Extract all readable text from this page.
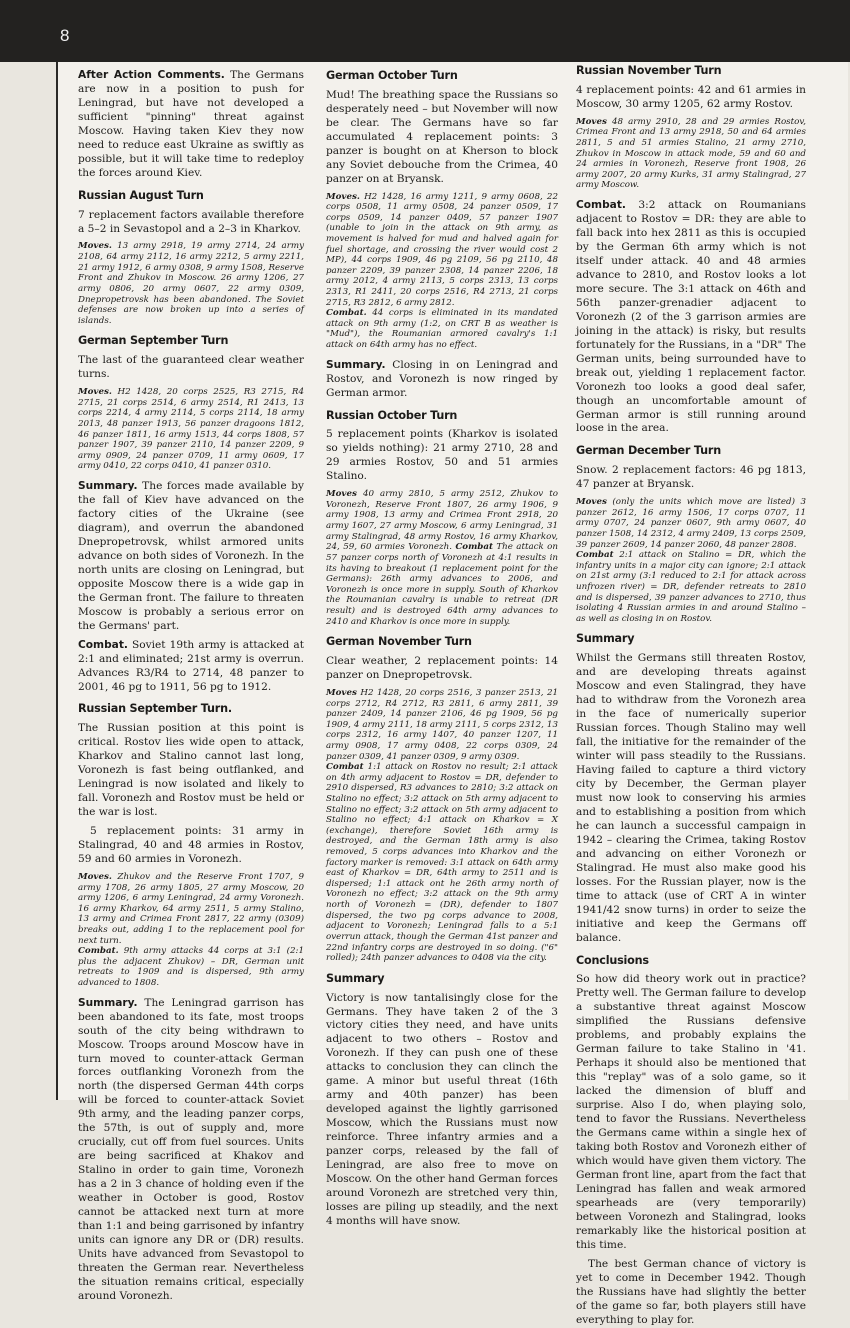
8

After Action Comments. The Germans are now in a position to push for Leningrad, but have not developed a sufficient "pinning" threat against Moscow. Having taken Kiev they now need to reduce east Ukraine as swiftly as possible, but it will take time to redeploy the forces around Kiev.

Russian August Turn

7 replacement factors available therefore a 5–2 in Sevastopol and a 2–3 in Kharkov.

Moves. 13 army 2918, 19 army 2714, 24 army 2108, 64 army 2112, 16 army 2212, 5 army 2211, 21 army 1912, 6 army 0308, 9 army 1508, Reserve Front and Zhukov in Moscow. 26 army 1206, 27 army 0806, 20 army 0607, 22 army 0309, Dnepropetrovsk has been abandoned. The Soviet defenses are now broken up into a series of islands.

German September Turn

The last of the guaranteed clear weather turns.

Moves. H2 1428, 20 corps 2525, R3 2715, R4 2715, 21 corps 2514, 6 army 2514, R1 2413, 13 corps 2214, 4 army 2114, 5 corps 2114, 18 army 2013, 48 panzer 1913, 56 panzer dragoons 1812, 46 panzer 1811, 16 army 1513, 44 corps 1808, 57 panzer 1907, 39 panzer 2110, 14 panzer 2209, 9 army 0909, 24 panzer 0709, 11 army 0609, 17 army 0410, 22 corps 0410, 41 panzer 0310.

Summary. The forces made available by the fall of Kiev have advanced on the factory cities of the Ukraine (see diagram), and overrun the abandoned Dnepropetrovsk, whilst armored units advance on both sides of Voronezh. In the north units are closing on Leningrad, but opposite Moscow there is a wide gap in the German front. The failure to threaten Moscow is probably a serious error on the Germans' part.

Combat. Soviet 19th army is attacked at 2:1 and eliminated; 21st army is overrun. Advances R3/R4 to 2714, 48 panzer to 2001, 46 pg to 1911, 56 pg to 1912.

Russian September Turn.

The Russian position at this point is critical. Rostov lies wide open to attack, Kharkov and Stalino cannot last long, Voronezh is fast being outflanked, and Leningrad is now isolated and likely to fall. Voronezh and Rostov must be held or the war is lost.

5 replacement points: 31 army in Stalingrad, 40 and 48 armies in Rostov, 59 and 60 armies in Voronezh.

Moves. Zhukov and the Reserve Front 1707, 9 army 1708, 26 army 1805, 27 army Moscow, 20 army 1206, 6 army Leningrad, 24 army Voronezh. 16 army Kharkov, 64 army 2511, 5 army Stalino, 13 army and Crimea Front 2817, 22 army (0309) breaks out, adding 1 to the replacement pool for next turn.
Combat. 9th army attacks 44 corps at 3:1 (2:1 plus the adjacent Zhukov) – DR, German unit retreats to 1909 and is dispersed, 9th army advanced to 1808.

Summary. The Leningrad garrison has been abandoned to its fate, most troops south of the city being withdrawn to Moscow. Troops around Moscow have in turn moved to counter-attack German forces outflanking Voronezh from the north (the dispersed German 44th corps will be forced to counter-attack Soviet 9th army, and the leading panzer corps, the 57th, is out of supply and, more crucially, cut off from fuel sources. Units are being sacrificed at Khakov and Stalino in order to gain time, Voronezh has a 2 in 3 chance of holding even if the weather in October is good, Rostov cannot be attacked next turn at more than 1:1 and being garrisoned by infantry units can ignore any DR or (DR) results. Units have advanced from Sevastopol to threaten the German rear. Nevertheless the situation remains critical, especially around Voronezh.

German October Turn

Mud! The breathing space the Russians so desperately need – but November will now be clear. The Germans have so far accumulated 4 replacement points: 3 panzer is bought on at Kherson to block any Soviet debouche from the Crimea, 40 panzer on at Bryansk.

Moves. H2 1428, 16 army 1211, 9 army 0608, 22 corps 0508, 11 army 0508, 24 panzer 0509, 17 corps 0509, 14 panzer 0409, 57 panzer 1907 (unable to join in the attack on 9th army, as movement is halved for mud and halved again for fuel shortage, and crossing the river would cost 2 MP), 44 corps 1909, 46 pg 2109, 56 pg 2110, 48 panzer 2209, 39 panzer 2308, 14 panzer 2206, 18 army 2012, 4 army 2113, 5 corps 2313, 13 corps 2313, R1 2411, 20 corps 2516, R4 2713, 21 corps 2715, R3 2812, 6 army 2812.
Combat. 44 corps is eliminated in its mandated attack on 9th army (1:2, on CRT B as weather is "Mud"), the Roumanian armored cavalry's 1:1 attack on 64th army has no effect.

Summary. Closing in on Leningrad and Rostov, and Voronezh is now ringed by German armor.

Russian October Turn

5 replacement points (Kharkov is isolated so yields nothing): 21 army 2710, 28 and 29 armies Rostov, 50 and 51 armies Stalino.

Moves 40 army 2810, 5 army 2512, Zhukov to Voronezh, Reserve Front 1807, 26 army 1906, 9 army 1908, 13 army and Crimea Front 2918, 20 army 1607, 27 army Moscow, 6 army Leningrad, 31 army Stalingrad, 48 army Rostov, 16 army Kharkov, 24, 59, 60 armies Voronezh. Combat The attack on 57 panzer corps north of Voronezh at 4:1 results in its having to breakout (1 replacement point for the Germans): 26th army advances to 2006, and Voronezh is once more in supply. South of Kharkov the Roumanian cavalry is unable to retreat (DR result) and is destroyed 64th army advances to 2410 and Kharkov is once more in supply.

German November Turn

Clear weather, 2 replacement points: 14 panzer on Dnepropetrovsk.

Moves H2 1428, 20 corps 2516, 3 panzer 2513, 21 corps 2712, R4 2712, R3 2811, 6 army 2811, 39 panzer 2409, 14 panzer 2106, 46 pg 1909, 56 pg 1909, 4 army 2111, 18 army 2111, 5 corps 2312, 13 corps 2312, 16 army 1407, 40 panzer 1207, 11 army 0908, 17 army 0408, 22 corps 0309, 24 panzer 0309, 41 panzer 0309, 9 army 0309.
Combat 1:1 attack on Rostov no result; 2:1 attack on 4th army adjacent to Rostov = DR, defender to 2910 dispersed, R3 advances to 2810; 3:2 attack on Stalino no effect; 3:2 attack on 5th army adjacent to Stalino no effect; 3:2 attack on 5th army adjacent to Stalino no effect; 4:1 attack on Kharkov = X (exchange), therefore Soviet 16th army is destroyed, and the German 18th army is also removed, 5 corps advances into Kharkov and the factory marker is removed: 3:1 attack on 64th army east of Kharkov = DR, 64th army to 2511 and is dispersed; 1:1 attack ont he 26th army north of Voronezh no effect; 3:2 attack on the 9th army north of Voronezh = (DR), defender to 1807 dispersed, the two pg corps advance to 2008, adjacent to Voronezh; Leningrad falls to a 5:1 overrun attack, though the German 41st panzer and 22nd infantry corps are destroyed in so doing. ("6" rolled); 24th panzer advances to 0408 via the city.

Summary

Victory is now tantalisingly close for the Germans. They have taken 2 of the 3 victory cities they need, and have units adjacent to two others – Rostov and Voronezh. If they can push one of these attacks to conclusion they can clinch the game. A minor but useful threat (16th army and 40th panzer) has been developed against the lightly garrisoned Moscow, which the Russians must now reinforce. Three infantry armies and a panzer corps, released by the fall of Leningrad, are also free to move on Moscow. On the other hand German forces around Voronezh are stretched very thin, losses are piling up steadily, and the next 4 months will have snow.

Russian November Turn

4 replacement points: 42 and 61 armies in Moscow, 30 army 1205, 62 army Rostov.

Moves 48 army 2910, 28 and 29 armies Rostov, Crimea Front and 13 army 2918, 50 and 64 armies 2811, 5 and 51 armies Stalino, 21 army 2710, Zhukov in Moscow in attack mode, 59 and 60 and 24 armies in Voronezh, Reserve front 1908, 26 army 2007, 20 army Kurks, 31 army Stalingrad, 27 army Moscow.

Combat. 3:2 attack on Roumanians adjacent to Rostov = DR: they are able to fall back into hex 2811 as this is occupied by the German 6th army which is not itself under attack. 40 and 48 armies advance to 2810, and Rostov looks a lot more secure. The 3:1 attack on 46th and 56th panzer-grenadier adjacent to Voronezh (2 of the 3 garrison armies are joining in the attack) is risky, but results fortunately for the Russians, in a "DR" The German units, being surrounded have to break out, yielding 1 replacement factor. Voronezh too looks a good deal safer, though an uncomfortable amount of German armor is still running around loose in the area.

German December Turn

Snow. 2 replacement factors: 46 pg 1813, 47 panzer at Bryansk.

Moves (only the units which move are listed) 3 panzer 2612, 16 army 1506, 17 corps 0707, 11 army 0707, 24 panzer 0607, 9th army 0607, 40 panzer 1508, 14 2312, 4 army 2409, 13 corps 2509, 39 panzer 2609, 14 panzer 2060, 48 panzer 2808.
Combat 2:1 attack on Stalino = DR, which the infantry units in a major city can ignore; 2:1 attack on 21st army (3:1 reduced to 2:1 for attack across unfrozen river) = DR, defender retreats to 2810 and is dispersed, 39 panzer advances to 2710, thus isolating 4 Russian armies in and around Stalino – as well as closing in on Rostov.

Summary

Whilst the Germans still threaten Rostov, and are developing threats against Moscow and even Stalingrad, they have had to withdraw from the Voronezh area in the face of numerically superior Russian forces. Though Stalino may well fall, the initiative for the remainder of the winter will pass steadily to the Russians. Having failed to capture a third victory city by December, the German player must now look to conserving his armies and to establishing a position from which he can launch a successful campaign in 1942 – clearing the Crimea, taking Rostov and advancing on either Voronezh or Stalingrad. He must also make good his losses. For the Russian player, now is the time to attack (use of CRT A in winter 1941/42 snow turns) in order to seize the initiative and keep the Germans off balance.

Conclusions

So how did theory work out in practice? Pretty well. The German failure to develop a substantive threat against Moscow simplified the Russians defensive problems, and probably explains the German failure to take Stalino in '41. Perhaps it should also be mentioned that this "replay" was of a solo game, so it lacked the dimension of bluff and surprise. Also I do, when playing solo, tend to favor the Russians. Nevertheless the Germans came within a single hex of taking both Rostov and Voronezh either of which would have given them victory. The German front line, apart from the fact that Leningrad has fallen and weak armored spearheads are (very temporarily) between Voronezh and Stalingrad, looks remarkably like the historical position at this time.

The best German chance of victory is yet to come in December 1942. Though the Russians have had slightly the better of the game so far, both players still have everything to play for.
